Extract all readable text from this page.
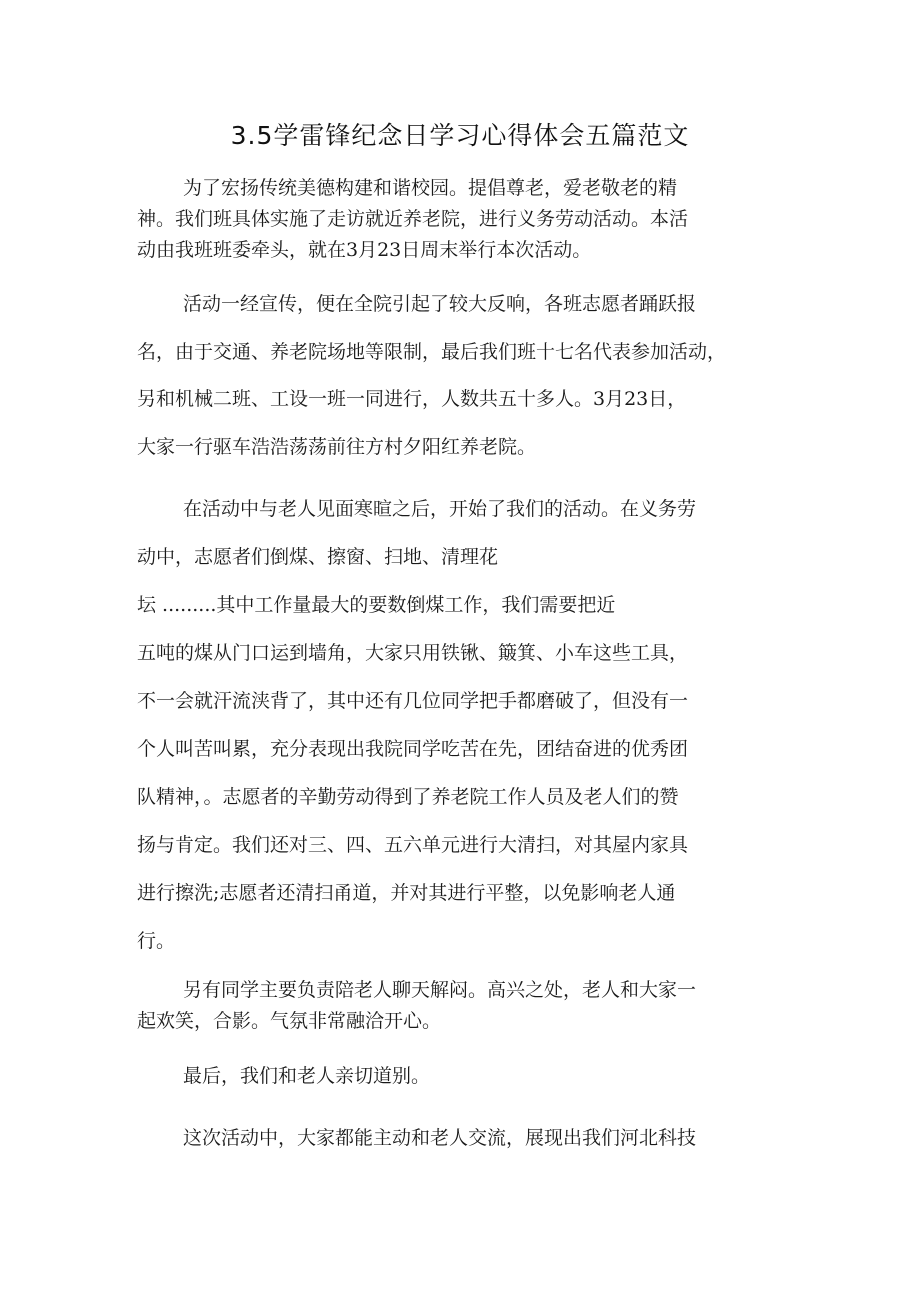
3.5学雷锋纪念日学习心得体会五篇范文
为了宏扬传统美德构建和谐校园。提倡尊老，爱老敬老的精
神。我们班具体实施了走访就近养老院，进行义务劳动活动。本活
动由我班班委牵头，就在3月23日周末举行本次活动。
活动一经宣传，便在全院引起了较大反响，各班志愿者踊跃报
名，由于交通、养老院场地等限制，最后我们班十七名代表参加活动，
另和机械二班、工设一班一同进行，人数共五十多人。3月23日，
大家一行驱车浩浩荡荡前往方村夕阳红养老院。
在活动中与老人见面寒暄之后，开始了我们的活动。在义务劳
动中，志愿者们倒煤、擦窗、扫地、清理花
坛 .........其中工作量最大的要数倒煤工作，我们需要把近
五吨的煤从门口运到墙角，大家只用铁锹、簸箕、小车这些工具，
不一会就汗流浃背了，其中还有几位同学把手都磨破了，但没有一
个人叫苦叫累，充分表现出我院同学吃苦在先，团结奋进的优秀团
队精神，。志愿者的辛勤劳动得到了养老院工作人员及老人们的赞
扬与肯定。我们还对三、四、五六单元进行大清扫，对其屋内家具
进行擦洗;志愿者还清扫甬道，并对其进行平整，以免影响老人通
行。
另有同学主要负责陪老人聊天解闷。高兴之处，老人和大家一
起欢笑，合影。气氛非常融洽开心。
最后，我们和老人亲切道别。
这次活动中，大家都能主动和老人交流，展现出我们河北科技
